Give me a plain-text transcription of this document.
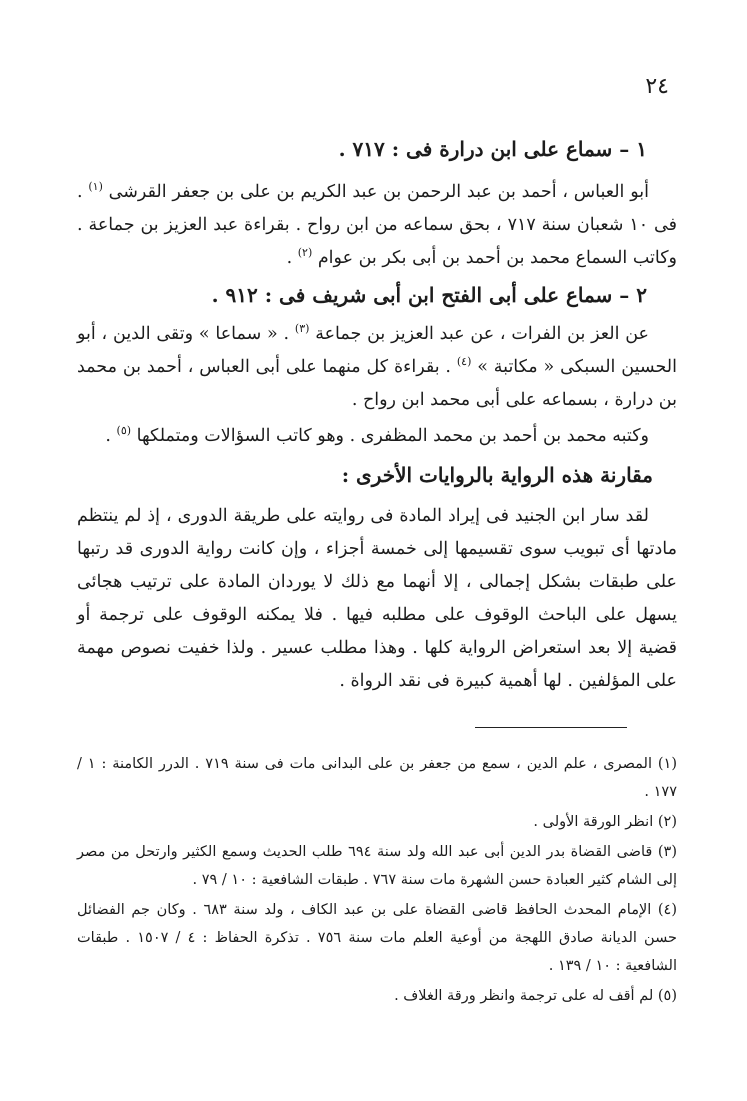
٢٤

١ – سماع على ابن درارة فى : ٧١٧ .

أبو العباس ، أحمد بن عبد الرحمن بن عبد الكريم بن على بن جعفر القرشى $^{(١)}$ . فى ١٠ شعبان سنة ٧١٧ ، بحق سماعه من ابن رواح . بقراءة عبد العزيز بن جماعة . وكاتب السماع محمد بن أحمد بن أبى بكر بن عوام $^{(٢)}$ .

٢ – سماع على أبى الفتح ابن أبى شريف فى : ٩١٢ .

عن العز بن الفرات ، عن عبد العزيز بن جماعة $^{(٣)}$ . « سماعا » وتقى الدين ، أبو الحسين السبكى « مكاتبة » $^{(٤)}$ . بقراءة كل منهما على أبى العباس ، أحمد بن محمد بن درارة ، بسماعه على أبى محمد ابن رواح .

وكتبه محمد بن أحمد بن محمد المظفرى . وهو كاتب السؤالات ومتملكها $^{(٥)}$ .

مقارنة هذه الرواية بالروايات الأخرى :

لقد سار ابن الجنيد فى إيراد المادة فى روايته على طريقة الدورى ، إذ لم ينتظم مادتها أى تبويب سوى تقسيمها إلى خمسة أجزاء ، وإن كانت رواية الدورى قد رتبها على طبقات بشكل إجمالى ، إلا أنهما مع ذلك لا يوردان المادة على ترتيب هجائى يسهل على الباحث الوقوف على مطلبه فيها . فلا يمكنه الوقوف على ترجمة أو قضية إلا بعد استعراض الرواية كلها . وهذا مطلب عسير . ولذا خفيت نصوص مهمة على المؤلفين . لها أهمية كبيرة فى نقد الرواة .

(١) المصرى ، علم الدين ، سمع من جعفر بن على البدانى مات فى سنة ٧١٩ . الدرر الكامنة : ١ / ١٧٧ .

(٢) انظر الورقة الأولى .

(٣) قاضى القضاة بدر الدين أبى عبد الله ولد سنة ٦٩٤ طلب الحديث وسمع الكثير وارتحل من مصر إلى الشام كثير العبادة حسن الشهرة مات سنة ٧٦٧ . طبقات الشافعية : ١٠ / ٧٩ .

(٤) الإمام المحدث الحافظ قاضى القضاة على بن عبد الكاف ، ولد سنة ٦٨٣ . وكان جم الفضائل حسن الديانة صادق اللهجة من أوعية العلم مات سنة ٧٥٦ . تذكرة الحفاظ : ٤ / ١٥٠٧ . طبقات الشافعية : ١٠ / ١٣٩ .

(٥) لم أقف له على ترجمة وانظر ورقة الغلاف .
